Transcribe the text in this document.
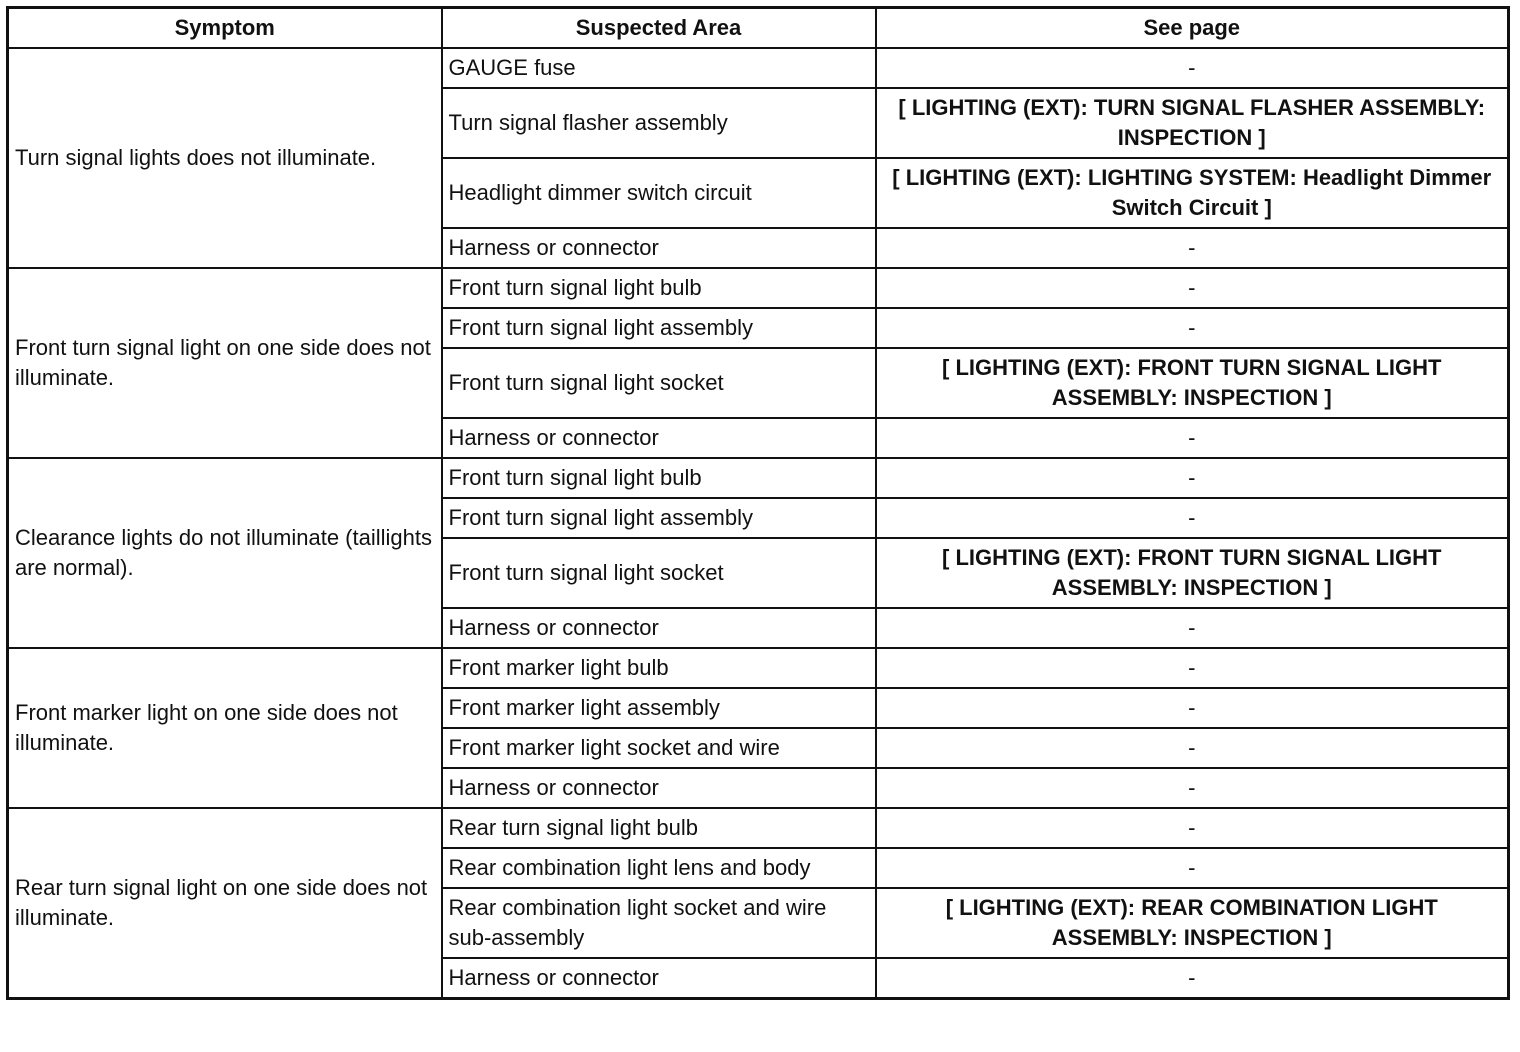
Symptom	Suspected Area	See page
Turn signal lights does not illuminate.	GAUGE fuse	-
	Turn signal flasher assembly	[ LIGHTING (EXT): TURN SIGNAL FLASHER ASSEMBLY: INSPECTION ]
	Headlight dimmer switch circuit	[ LIGHTING (EXT): LIGHTING SYSTEM: Headlight Dimmer Switch Circuit ]
	Harness or connector	-
Front turn signal light on one side does not illuminate.	Front turn signal light bulb	-
	Front turn signal light assembly	-
	Front turn signal light socket	[ LIGHTING (EXT): FRONT TURN SIGNAL LIGHT ASSEMBLY: INSPECTION ]
	Harness or connector	-
Clearance lights do not illuminate (taillights are normal).	Front turn signal light bulb	-
	Front turn signal light assembly	-
	Front turn signal light socket	[ LIGHTING (EXT): FRONT TURN SIGNAL LIGHT ASSEMBLY: INSPECTION ]
	Harness or connector	-
Front marker light on one side does not illuminate.	Front marker light bulb	-
	Front marker light assembly	-
	Front marker light socket and wire	-
	Harness or connector	-
Rear turn signal light on one side does not illuminate.	Rear turn signal light bulb	-
	Rear combination light lens and body	-
	Rear combination light socket and wire sub-assembly	[ LIGHTING (EXT): REAR COMBINATION LIGHT ASSEMBLY: INSPECTION ]
	Harness or connector	-
